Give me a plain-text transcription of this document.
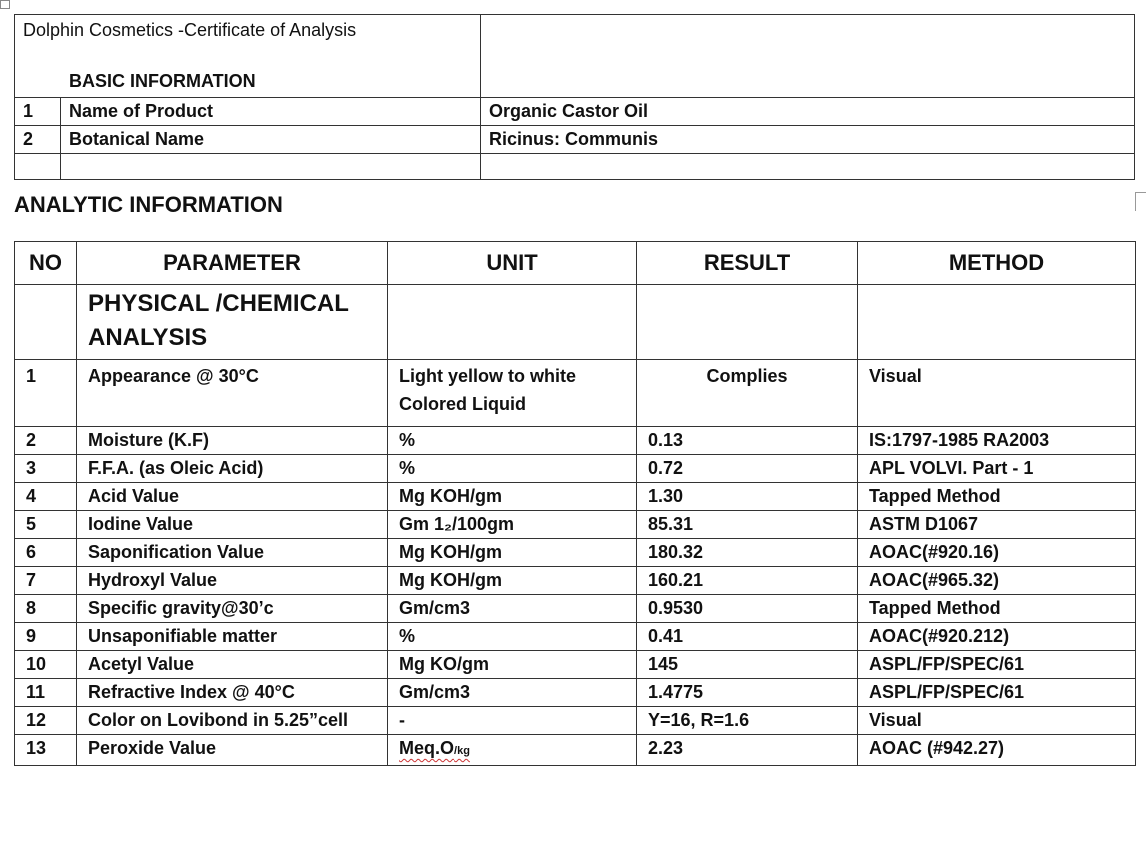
Dolphin Cosmetics -Certificate of Analysis
BASIC INFORMATION		

1	Name of Product	Organic Castor Oil
2	Botanical Name	Ricinus: Communis

ANALYTIC INFORMATION
NO	PARAMETER	UNIT	RESULT	METHOD
	PHYSICAL /CHEMICAL ANALYSIS			
1	Appearance @ 30°C	Light yellow to white Colored Liquid	Complies	Visual
2	Moisture (K.F)	%	0.13	IS:1797-1985 RA2003
3	F.F.A. (as Oleic Acid)	%	0.72	APL VOLVI. Part - 1
4	Acid Value	Mg KOH/gm	1.30	Tapped Method
5	Iodine Value	Gm 1₂/100gm	85.31	ASTM D1067
6	Saponification Value	Mg KOH/gm	180.32	AOAC(#920.16)
7	Hydroxyl Value	Mg KOH/gm	160.21	AOAC(#965.32)
8	Specific gravity@30’c	Gm/cm3	0.9530	Tapped Method
9	Unsaponifiable matter	%	0.41	AOAC(#920.212)
10	Acetyl Value	Mg KO/gm	145	ASPL/FP/SPEC/61
11	Refractive Index @ 40°C	Gm/cm3	1.4775	ASPL/FP/SPEC/61
12	Color on Lovibond in 5.25”cell	-	Y=16, R=1.6	Visual
13	Peroxide Value	Meq.O/kg	2.23	AOAC (#942.27)
